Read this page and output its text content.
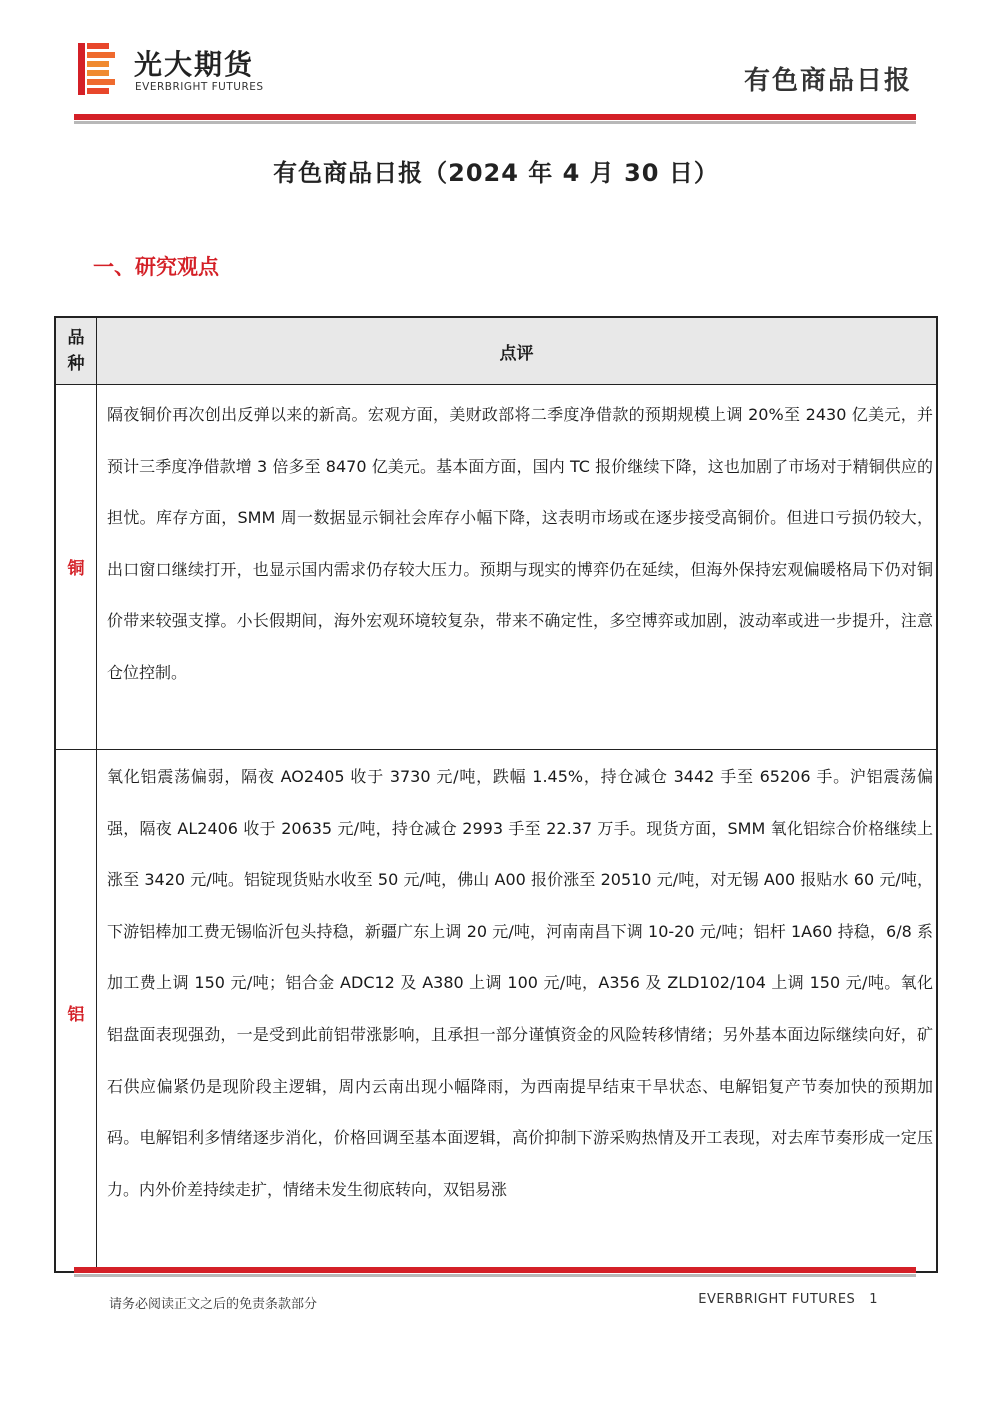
光大期货
EVERBRIGHT FUTURES	有色商品日报
有色商品日报（2024 年 4 月 30 日）
一、研究观点
品
种
点评
铜
隔夜铜价再次创出反弹以来的新高。宏观方面，美财政部将二季度净借款的预期规模上调 20%至 2430 亿美元，并预计三季度净借款增 3 倍多至 8470 亿美元。基本面方面，国内 TC 报价继续下降，这也加剧了市场对于精铜供应的担忧。库存方面，SMM 周一数据显示铜社会库存小幅下降，这表明市场或在逐步接受高铜价。但进口亏损仍较大，出口窗口继续打开，也显示国内需求仍存较大压力。预期与现实的博弈仍在延续，但海外保持宏观偏暖格局下仍对铜价带来较强支撑。小长假期间，海外宏观环境较复杂，带来不确定性，多空博弈或加剧，波动率或进一步提升，注意仓位控制。
铝
氧化铝震荡偏弱，隔夜 AO2405 收于 3730 元/吨，跌幅 1.45%，持仓减仓 3442 手至 65206 手。沪铝震荡偏强，隔夜 AL2406 收于 20635 元/吨，持仓减仓 2993 手至 22.37 万手。现货方面，SMM 氧化铝综合价格继续上涨至 3420 元/吨。铝锭现货贴水收至 50 元/吨，佛山 A00 报价涨至 20510 元/吨，对无锡 A00 报贴水 60 元/吨，下游铝棒加工费无锡临沂包头持稳，新疆广东上调 20 元/吨，河南南昌下调 10-20 元/吨；铝杆 1A60 持稳，6/8 系加工费上调 150 元/吨；铝合金 ADC12 及 A380 上调 100 元/吨，A356 及 ZLD102/104 上调 150 元/吨。氧化铝盘面表现强劲，一是受到此前铝带涨影响，且承担一部分谨慎资金的风险转移情绪；另外基本面边际继续向好，矿石供应偏紧仍是现阶段主逻辑，周内云南出现小幅降雨，为西南提早结束干旱状态、电解铝复产节奏加快的预期加码。电解铝利多情绪逐步消化，价格回调至基本面逻辑，高价抑制下游采购热情及开工表现，对去库节奏形成一定压力。内外价差持续走扩，情绪未发生彻底转向，双铝易涨
请务必阅读正文之后的免责条款部分	EVERBRIGHT FUTURES 1
